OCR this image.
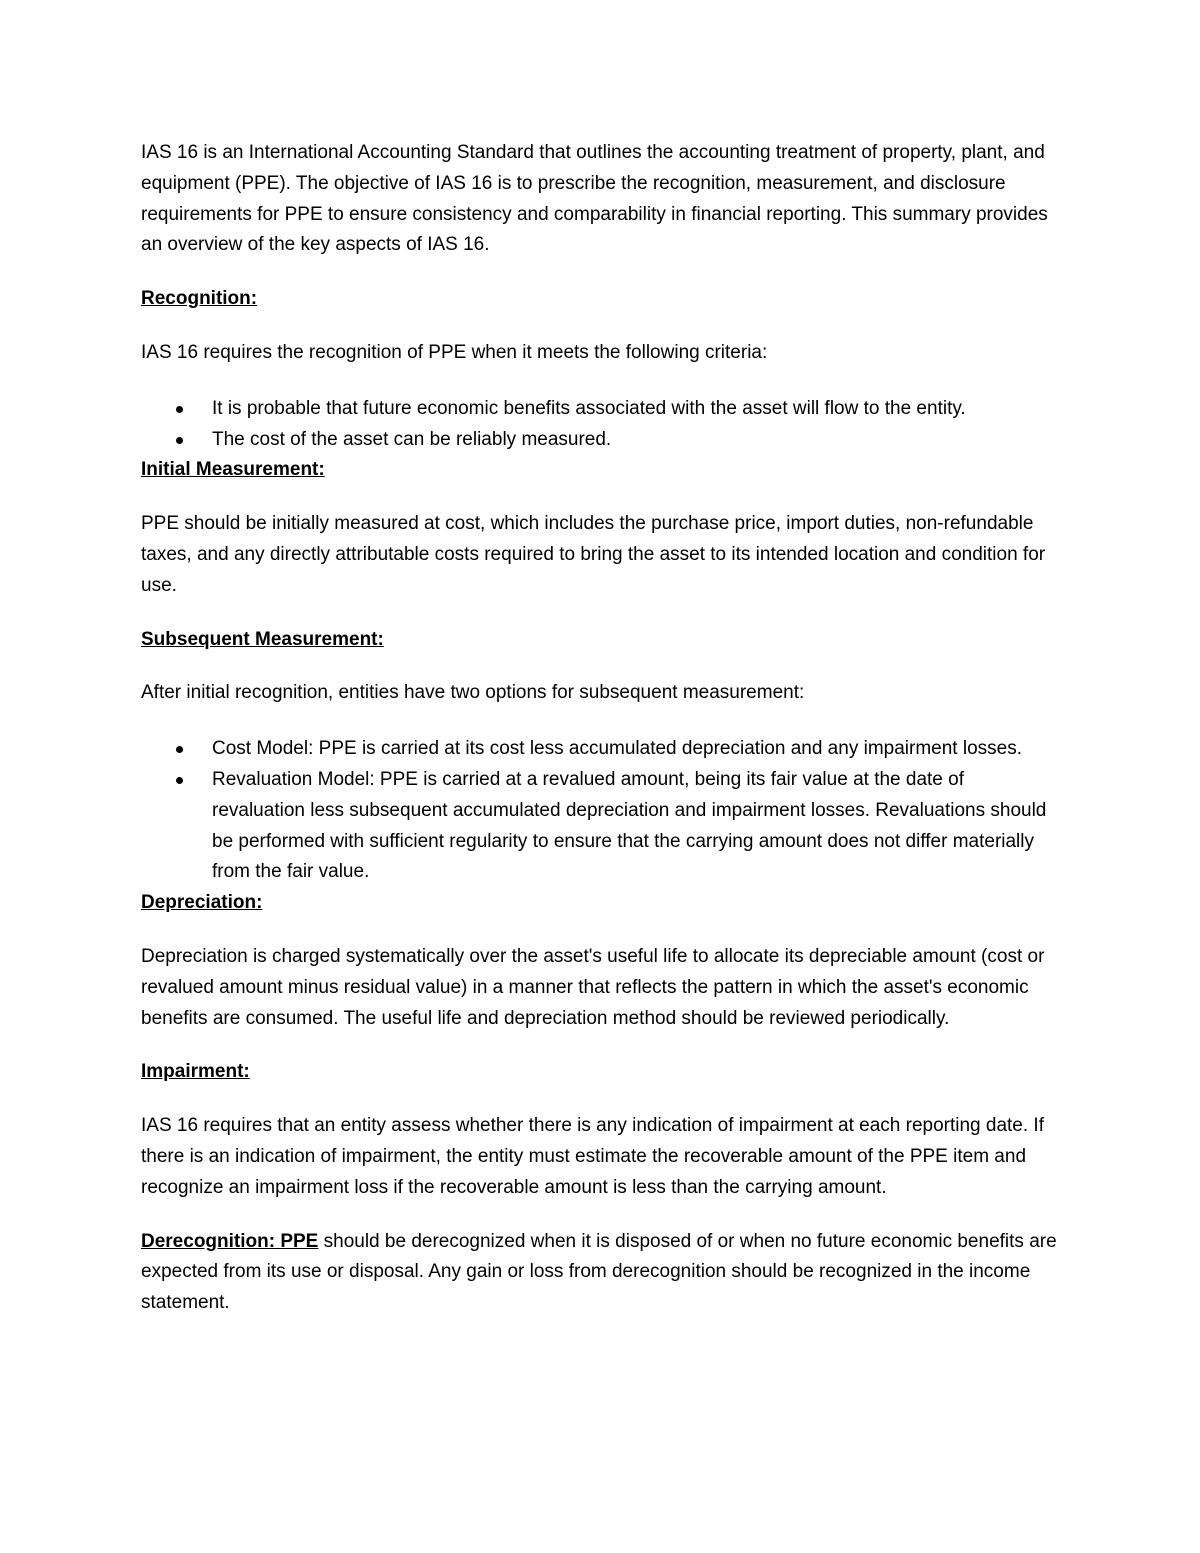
IAS 16 is an International Accounting Standard that outlines the accounting treatment of property, plant, and equipment (PPE). The objective of IAS 16 is to prescribe the recognition, measurement, and disclosure requirements for PPE to ensure consistency and comparability in financial reporting. This summary provides an overview of the key aspects of IAS 16.

Recognition:

IAS 16 requires the recognition of PPE when it meets the following criteria:

It is probable that future economic benefits associated with the asset will flow to the entity.
The cost of the asset can be reliably measured.

Initial Measurement:

PPE should be initially measured at cost, which includes the purchase price, import duties, non-refundable taxes, and any directly attributable costs required to bring the asset to its intended location and condition for use.

Subsequent Measurement:

After initial recognition, entities have two options for subsequent measurement:

Cost Model: PPE is carried at its cost less accumulated depreciation and any impairment losses.
Revaluation Model: PPE is carried at a revalued amount, being its fair value at the date of revaluation less subsequent accumulated depreciation and impairment losses. Revaluations should be performed with sufficient regularity to ensure that the carrying amount does not differ materially from the fair value.

Depreciation:

Depreciation is charged systematically over the asset's useful life to allocate its depreciable amount (cost or revalued amount minus residual value) in a manner that reflects the pattern in which the asset's economic benefits are consumed. The useful life and depreciation method should be reviewed periodically.

Impairment:

IAS 16 requires that an entity assess whether there is any indication of impairment at each reporting date. If there is an indication of impairment, the entity must estimate the recoverable amount of the PPE item and recognize an impairment loss if the recoverable amount is less than the carrying amount.

Derecognition: PPE should be derecognized when it is disposed of or when no future economic benefits are expected from its use or disposal. Any gain or loss from derecognition should be recognized in the income statement.
